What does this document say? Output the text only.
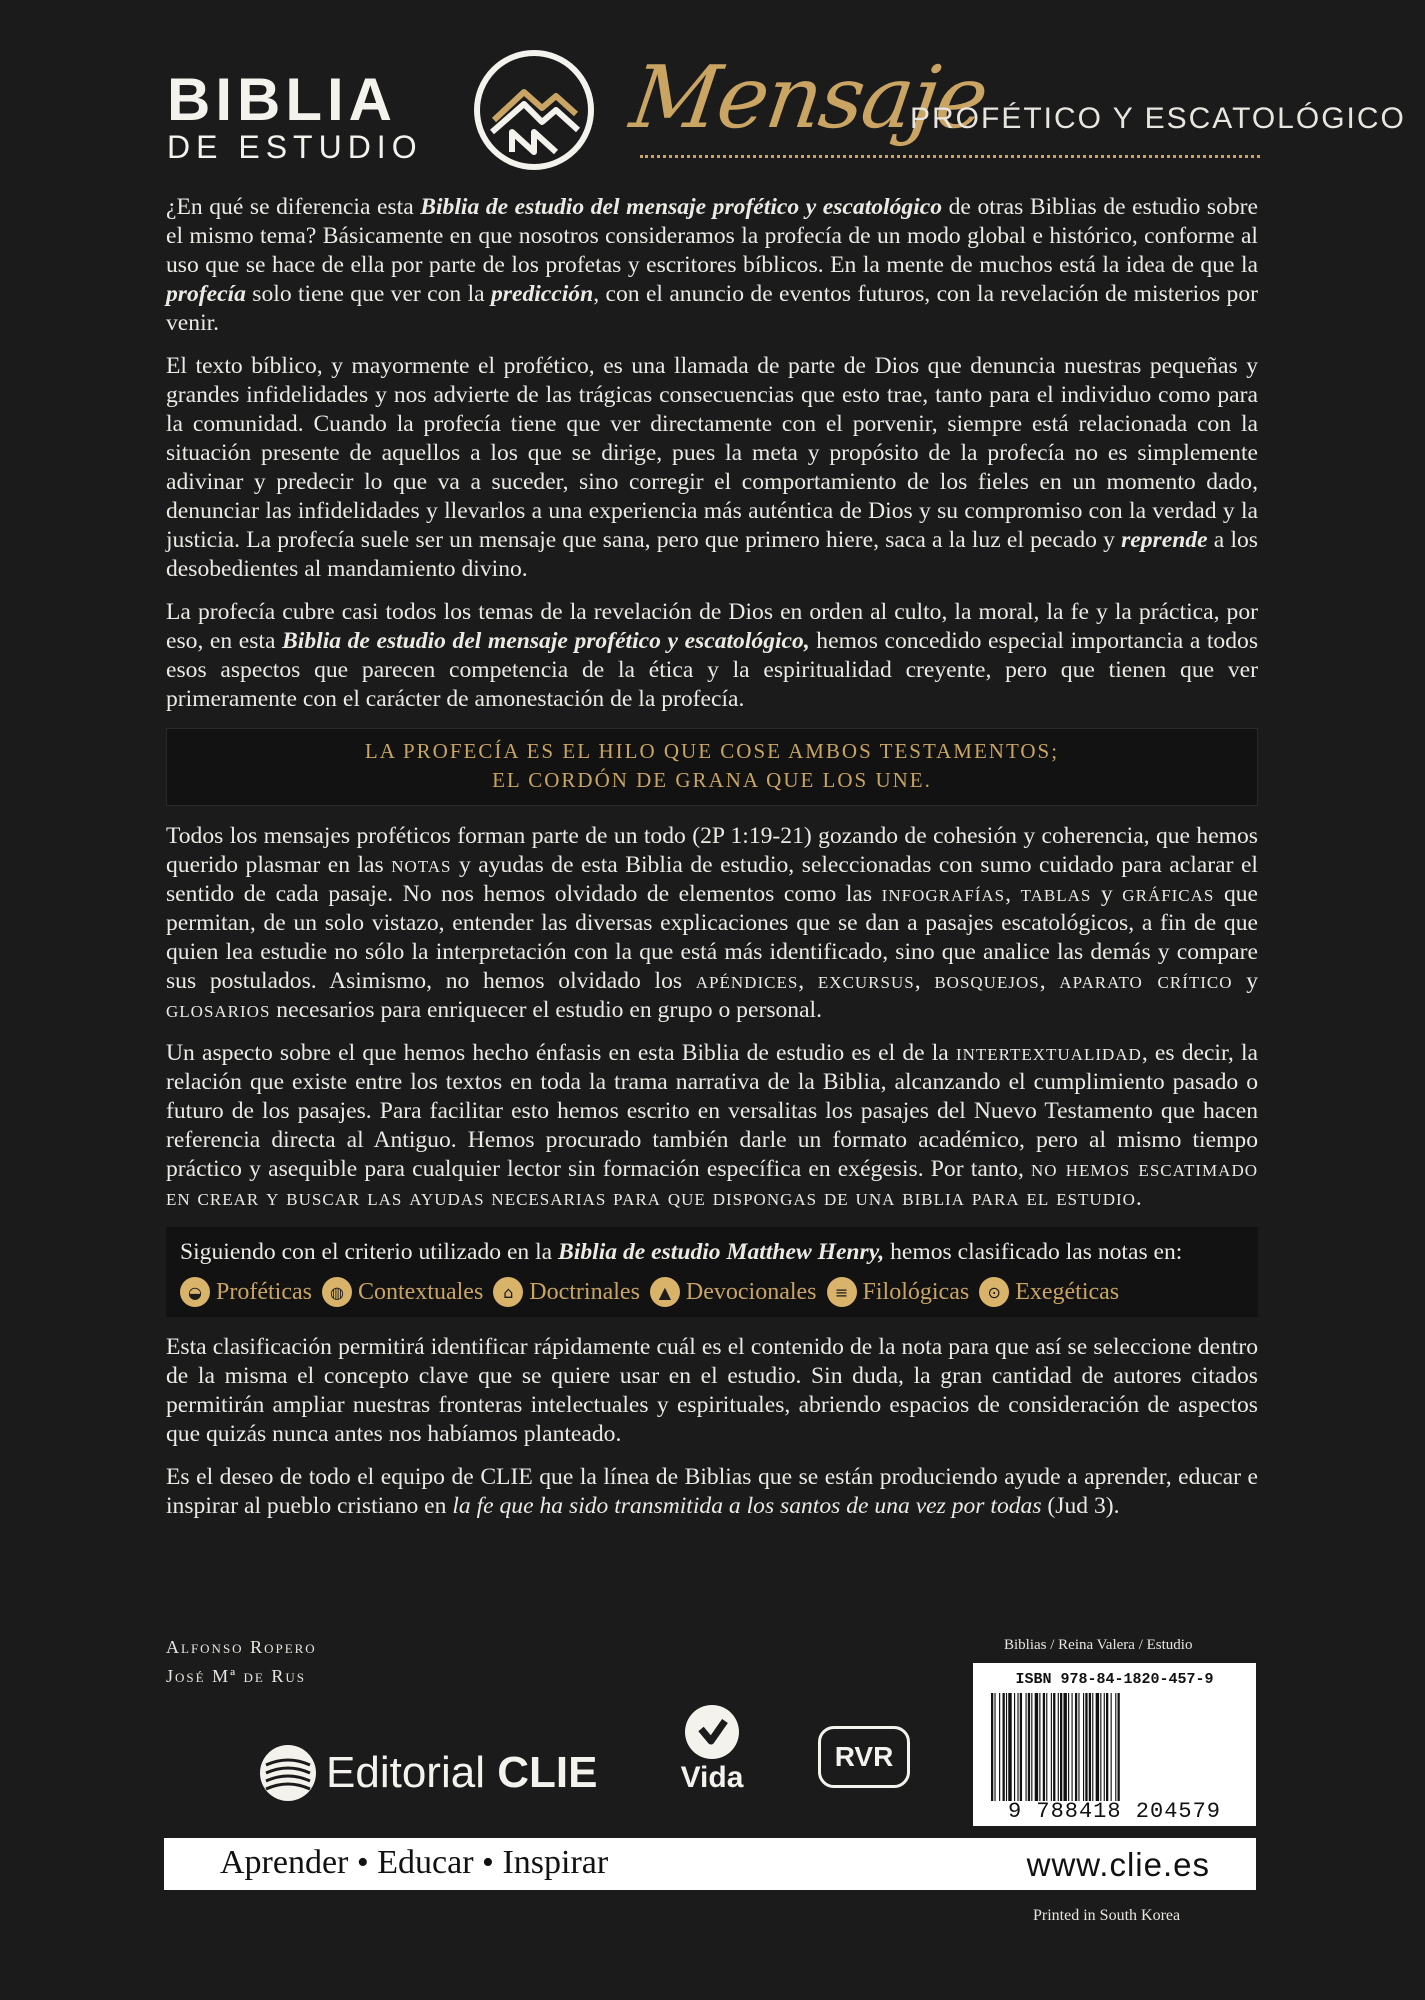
BIBLIA
DE ESTUDIO Mensaje
PROFÉTICO Y ESCATOLÓGICO

¿En qué se diferencia esta Biblia de estudio del mensaje profético y escatológico de otras Biblias de estudio sobre el mismo tema? Básicamente en que nosotros consideramos la profecía de un modo global e histórico, conforme al uso que se hace de ella por parte de los profetas y escritores bíblicos. En la mente de muchos está la idea de que la profecía solo tiene que ver con la predicción, con el anuncio de eventos futuros, con la revelación de misterios por venir.

El texto bíblico, y mayormente el profético, es una llamada de parte de Dios que denuncia nuestras pequeñas y grandes infidelidades y nos advierte de las trágicas consecuencias que esto trae, tanto para el individuo como para la comunidad. Cuando la profecía tiene que ver directamente con el porvenir, siempre está relacionada con la situación presente de aquellos a los que se dirige, pues la meta y propósito de la profecía no es simplemente adivinar y predecir lo que va a suceder, sino corregir el comportamiento de los fieles en un momento dado, denunciar las infidelidades y llevarlos a una experiencia más auténtica de Dios y su compromiso con la verdad y la justicia. La profecía suele ser un mensaje que sana, pero que primero hiere, saca a la luz el pecado y reprende a los desobedientes al mandamiento divino.

La profecía cubre casi todos los temas de la revelación de Dios en orden al culto, la moral, la fe y la práctica, por eso, en esta Biblia de estudio del mensaje profético y escatológico, hemos concedido especial importancia a todos esos aspectos que parecen competencia de la ética y la espiritualidad creyente, pero que tienen que ver primeramente con el carácter de amonestación de la profecía.

LA PROFECÍA ES EL HILO QUE COSE AMBOS TESTAMENTOS;
EL CORDÓN DE GRANA QUE LOS UNE.

Todos los mensajes proféticos forman parte de un todo (2P 1:19-21) gozando de cohesión y coherencia, que hemos querido plasmar en las notas y ayudas de esta Biblia de estudio, seleccionadas con sumo cuidado para aclarar el sentido de cada pasaje. No nos hemos olvidado de elementos como las infografías, tablas y gráficas que permitan, de un solo vistazo, entender las diversas explicaciones que se dan a pasajes escatológicos, a fin de que quien lea estudie no sólo la interpretación con la que está más identificado, sino que analice las demás y compare sus postulados. Asimismo, no hemos olvidado los apéndices, excursus, bosquejos, aparato crítico y glosarios necesarios para enriquecer el estudio en grupo o personal.

Un aspecto sobre el que hemos hecho énfasis en esta Biblia de estudio es el de la intertextualidad, es decir, la relación que existe entre los textos en toda la trama narrativa de la Biblia, alcanzando el cumplimiento pasado o futuro de los pasajes. Para facilitar esto hemos escrito en versalitas los pasajes del Nuevo Testamento que hacen referencia directa al Antiguo. Hemos procurado también darle un formato académico, pero al mismo tiempo práctico y asequible para cualquier lector sin formación específica en exégesis. Por tanto, no hemos escatimado en crear y buscar las ayudas necesarias para que dispongas de una biblia para el estudio.

Siguiendo con el criterio utilizado en la Biblia de estudio Matthew Henry, hemos clasificado las notas en:
◒ Proféticas	◍ Contextuales	⌂ Doctrinales	▲ Devocionales	≡ Filológicas	⊙ Exegéticas

Esta clasificación permitirá identificar rápidamente cuál es el contenido de la nota para que así se seleccione dentro de la misma el concepto clave que se quiere usar en el estudio. Sin duda, la gran cantidad de autores citados permitirán ampliar nuestras fronteras intelectuales y espirituales, abriendo espacios de consideración de aspectos que quizás nunca antes nos habíamos planteado.

Es el deseo de todo el equipo de CLIE que la línea de Biblias que se están produciendo ayude a aprender, educar e inspirar al pueblo cristiano en la fe que ha sido transmitida a los santos de una vez por todas (Jud 3).

Alfonso Ropero
José Mª de Rus
Biblias / Reina Valera / Estudio
ISBN 978-84-1820-457-9
9 788418 204579
Editorial CLIE	Vida
RVR
Aprender • Educar • Inspirar	www.clie.es
Printed in South Korea
